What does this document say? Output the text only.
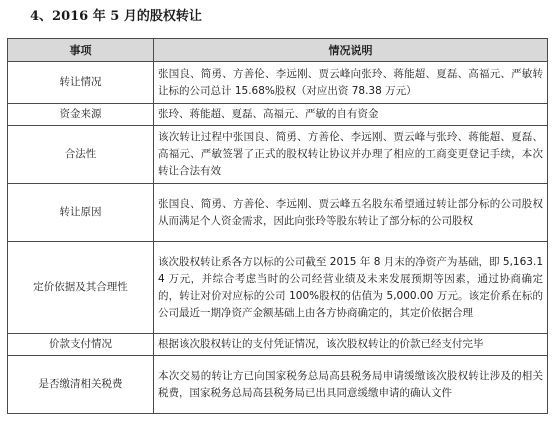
4、2016 年 5 月的股权转让
事项	情况说明
转让情况	张国良、简勇、方善伦、李远刚、贾云峰向张玲、蒋能超、夏磊、高福元、严敏转让标的公司总计 15.68%股权（对应出资 78.38 万元）
资金来源	张玲、蒋能超、夏磊、高福元、严敏的自有资金
合法性	该次转让过程中张国良、简勇、方善伦、李远刚、贾云峰与张玲、蒋能超、夏磊、高福元、严敏签署了正式的股权转让协议并办理了相应的工商变更登记手续，本次转让合法有效
转让原因	张国良、简勇、方善伦、李远刚、贾云峰五名股东希望通过转让部分标的公司股权从而满足个人资金需求，因此向张玲等股东转让了部分标的公司股权
定价依据及其合理性	该次股权转让系各方以标的公司截至 2015 年 8 月末的净资产为基础，即 5,163.14 万元，并综合考虑当时的公司经营业绩及未来发展预期等因素，通过协商确定的，转让对价对应标的公司 100%股权的估值为 5,000.00 万元。该定价系在标的公司最近一期净资产金额基础上由各方协商确定的，其定价依据合理
价款支付情况	根据该次股权转让的支付凭证情况，该次股权转让的价款已经支付完毕
是否缴清相关税费	本次交易的转让方已向国家税务总局高县税务局申请缓缴该次股权转让涉及的相关税费，国家税务总局高县税务局已出具同意缓缴申请的确认文件
